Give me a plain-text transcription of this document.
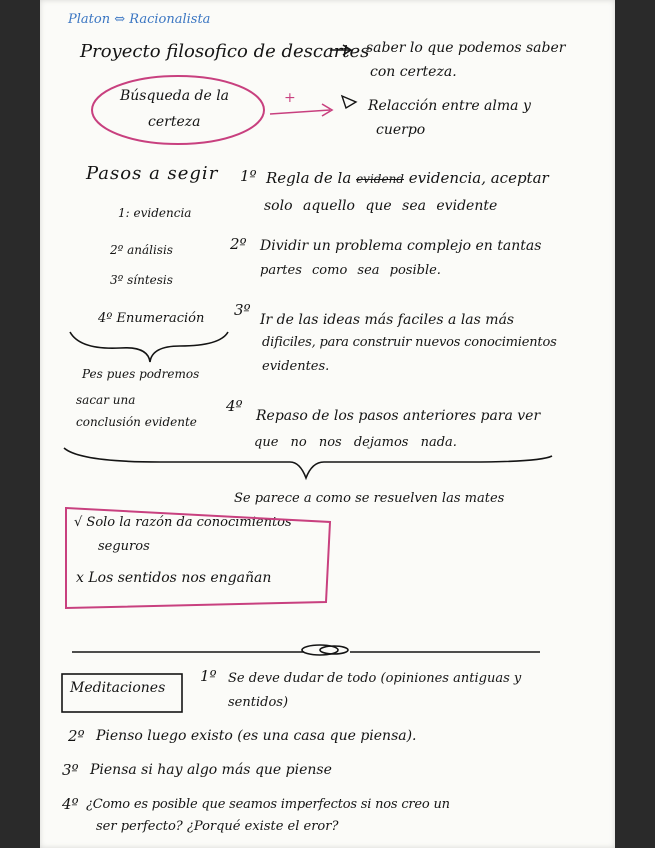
Platon ⇔ Racionalista
Proyecto filosofico de descartes
saber lo que podemos saber
con certeza.
Búsqueda de la
certeza
+	Relacción entre alma y
cuerpo
Pasos a segir
1: evidencia
2º análisis
3º síntesis
4º Enumeración
Pes pues podremos
sacar una
conclusión evidente
1º Regla de la evidend evidencia, aceptar
solo aquello que sea evidente
2º Dividir un problema complejo en tantas
partes como sea posible.
3º
Ir de las ideas más faciles a las más
dificiles, para construir nuevos conocimientos
evidentes.
4º
Repaso de los pasos anteriores para ver
que no nos dejamos nada.
Se parece a como se resuelven las mates
√ Solo la razón da conocimientos
seguros
x Los sentidos nos engañan
Meditaciones
1º Se deve dudar de todo (opiniones antiguas y
sentidos)
2º Pienso luego existo (es una casa que piensa).
3º Piensa si hay algo más que piense
4º ¿Como es posible que seamos imperfectos si nos creo un
ser perfecto? ¿Porqué existe el eror?
